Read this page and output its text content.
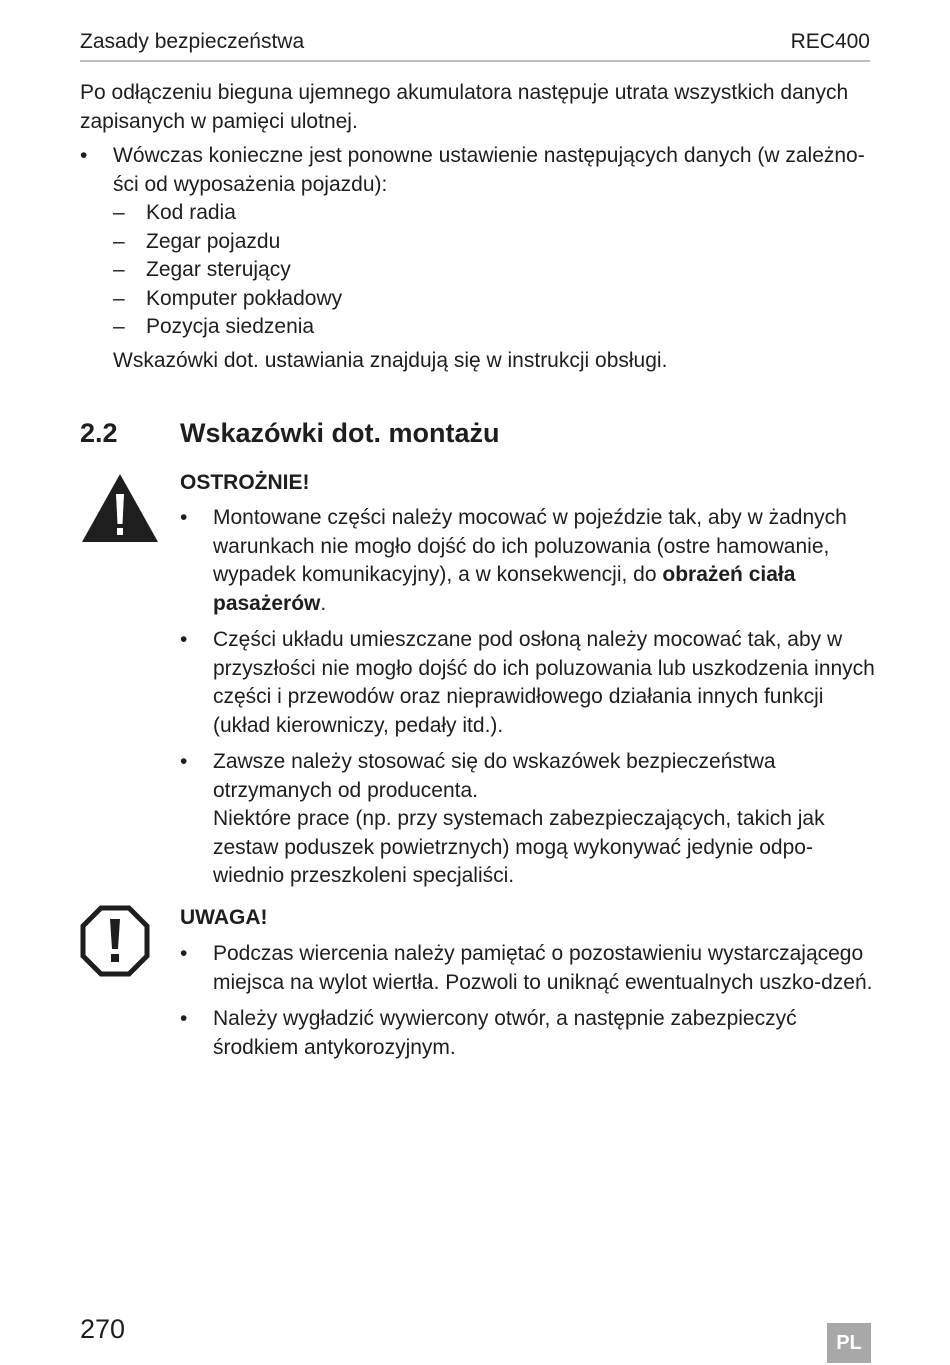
Zasady bezpieczeństwa	REC400

Po odłączeniu bieguna ujemnego akumulatora następuje utrata wszystkich danych zapisanych w pamięci ulotnej.

• Wówczas konieczne jest ponowne ustawienie następujących danych (w zależno-
ści od wyposażenia pojazdu):
– Kod radia
– Zegar pojazdu
– Zegar sterujący
– Komputer pokładowy
– Pozycja siedzenia

Wskazówki dot. ustawiania znajdują się w instrukcji obsługi.

2.2 Wskazówki dot. montażu
OSTROŻNIE!
• Montowane części należy mocować w pojeździe tak, aby w żadnych warunkach nie mogło dojść do ich poluzowania (ostre hamowanie, wypadek komunikacyjny), a w konsekwencji, do obrażeń ciała pasażerów.

• Części układu umieszczane pod osłoną należy mocować tak, aby w przyszłości nie mogło dojść do ich poluzowania lub uszkodzenia innych części i przewodów oraz nieprawidłowego działania innych funkcji (układ kierowniczy, pedały itd.).

• Zawsze należy stosować się do wskazówek bezpieczeństwa otrzymanych od producenta.

Niektóre prace (np. przy systemach zabezpieczających, takich jak zestaw poduszek powietrznych) mogą wykonywać jedynie odpo-wiednio przeszkoleni specjaliści.

UWAGA!
• Podczas wiercenia należy pamiętać o pozostawieniu wystarczającego miejsca na wylot wiertła. Pozwoli to uniknąć ewentualnych uszko-dzeń.

• Należy wygładzić wywiercony otwór, a następnie zabezpieczyć środkiem antykorozyjnym.

270	PL
